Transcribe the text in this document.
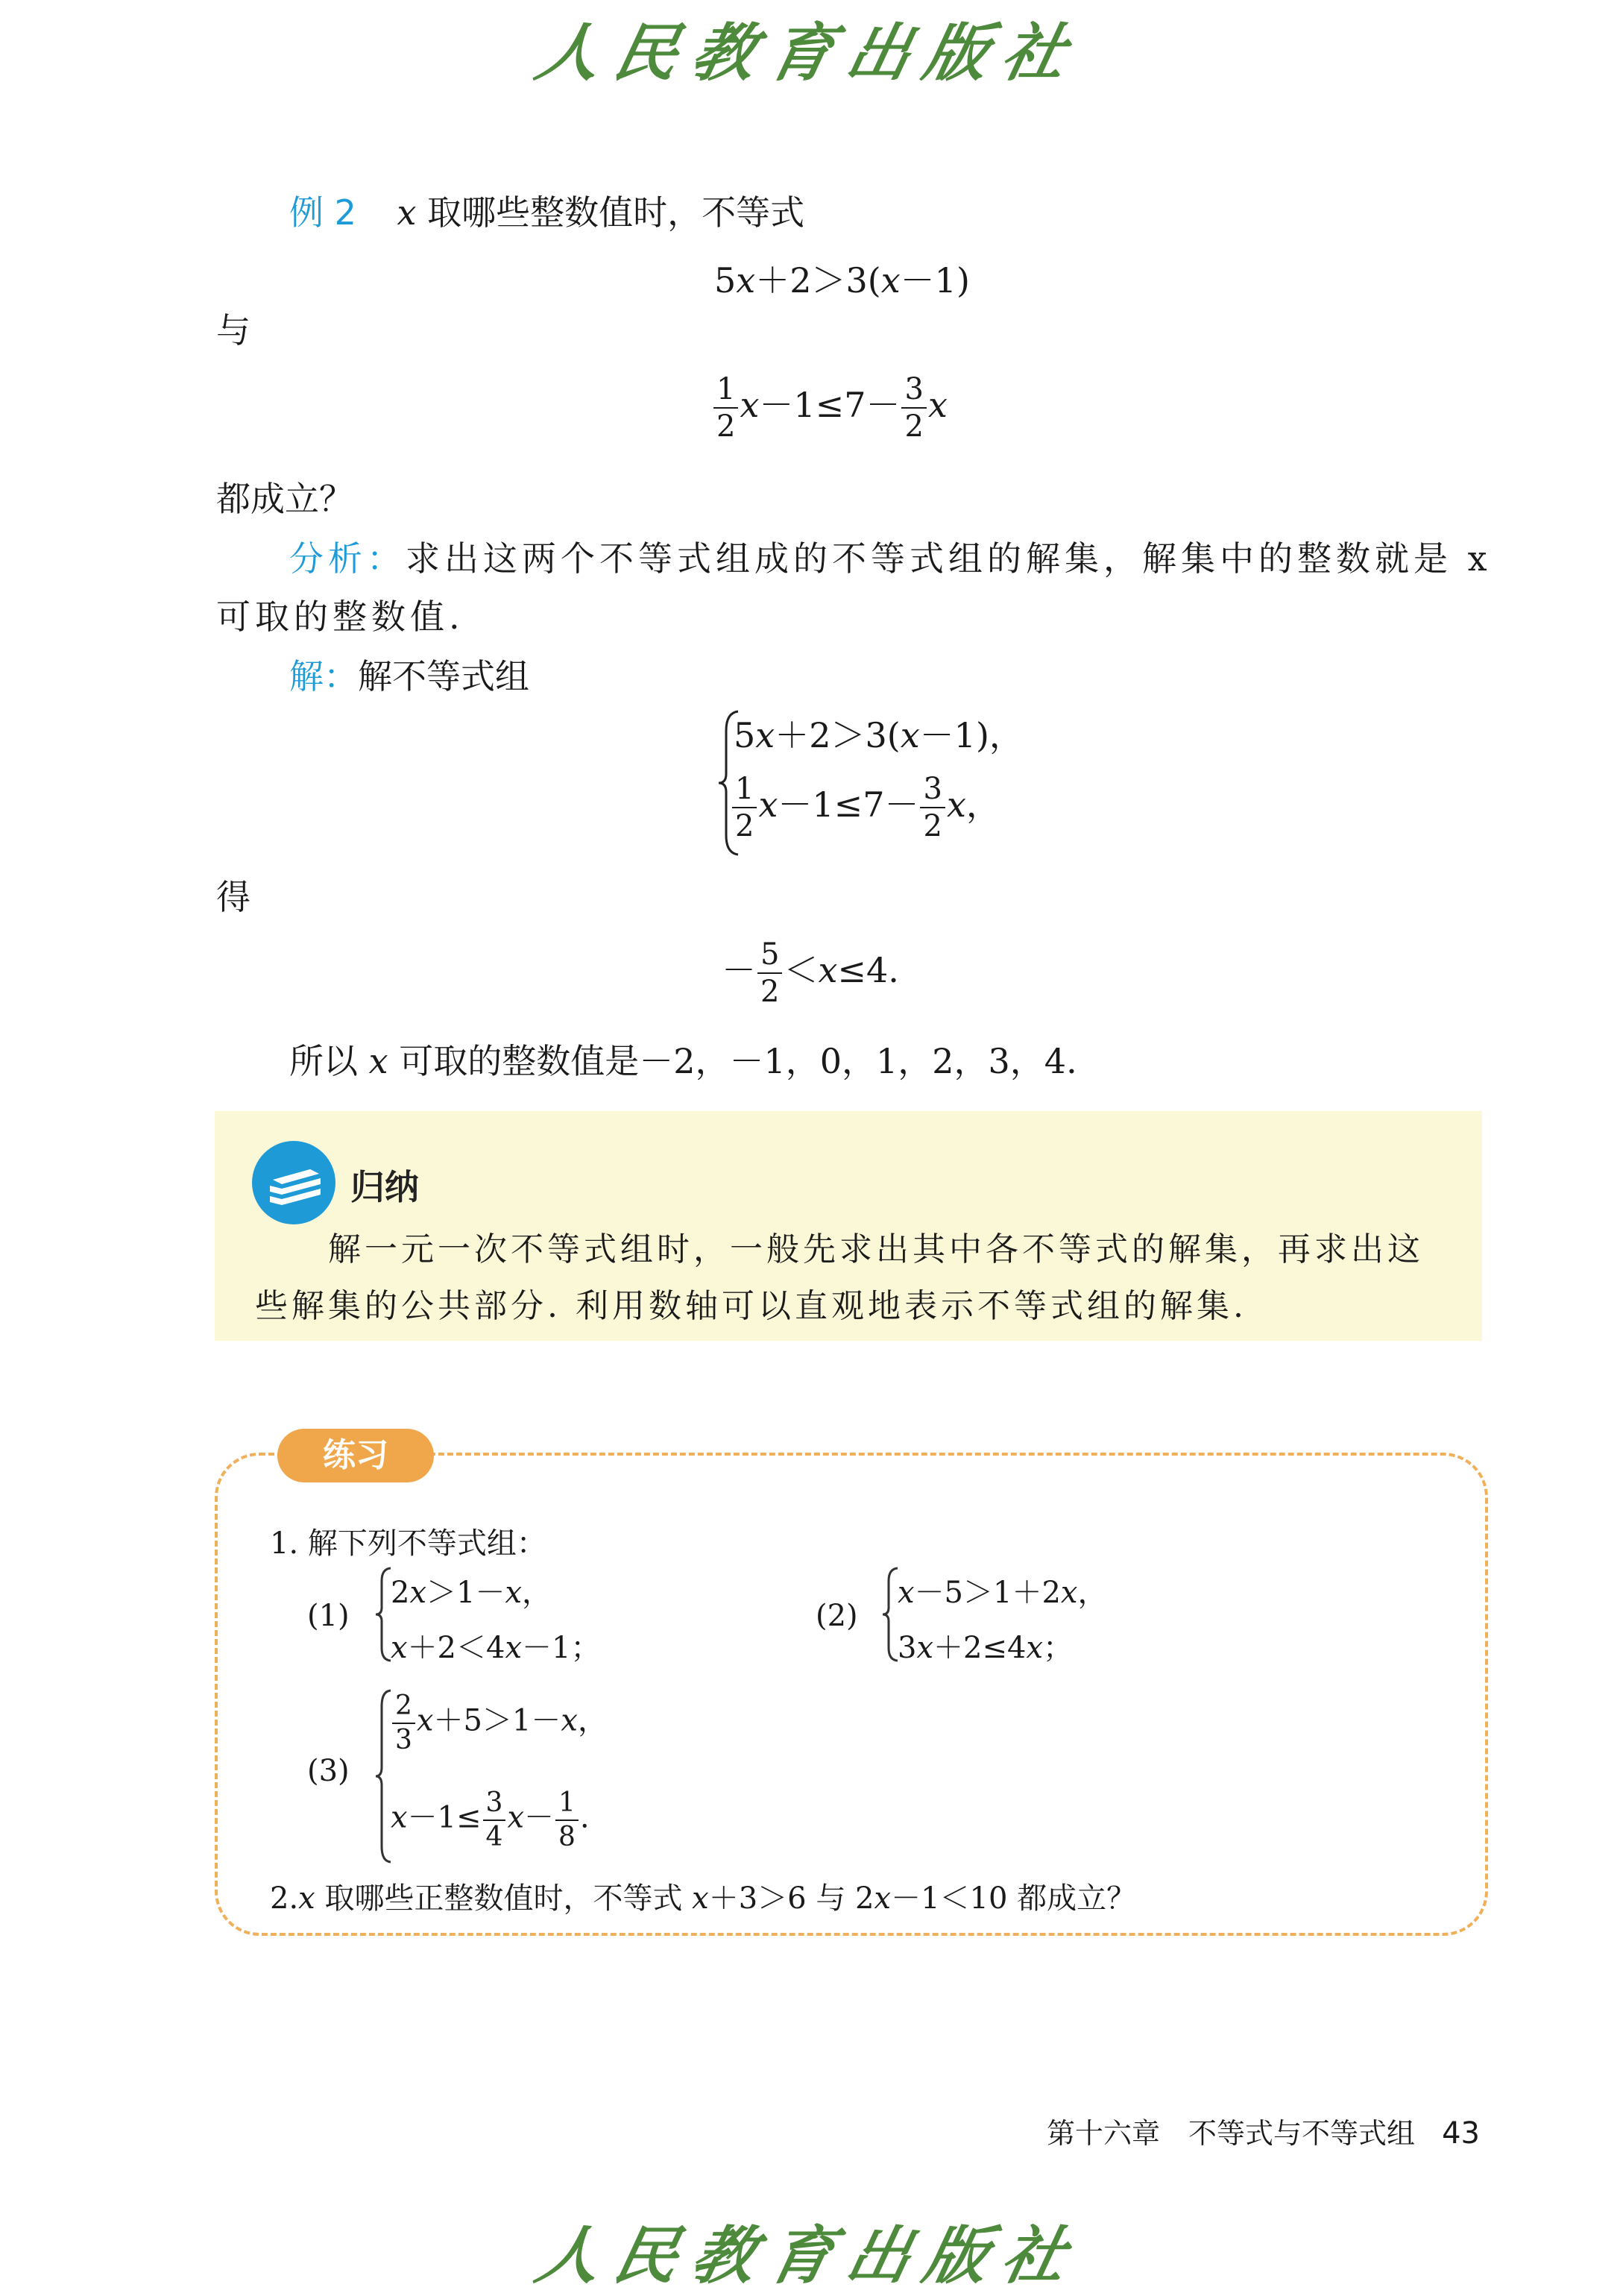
人民教育出版社
例 2 x 取哪些整数值时，不等式
5x＋2＞3(x－1)
与
$\frac{1}{2} x-1\le 7- \frac{3}{2}$ x
都成立？
分析：求出这两个不等式组成的不等式组的解集，解集中的整数就是 x
可取的整数值.
解：解不等式组
5x＋2＞3(x－1)，
$\frac{1}{2} x-1\le 7- \frac{3}{2}$ x，
得
－ $\frac{5}{2} <x\le 4$.
所以 x 可取的整数值是－2，－1，0，1，2，3，4.
归纳
解一元一次不等式组时，一般先求出其中各不等式的解集，再求出这
些解集的公共部分. 利用数轴可以直观地表示不等式组的解集.
练习
1. 解下列不等式组：
(1)
2x＞1－x，
x＋2＜4x－1；
(2)
x－5＞1＋2x，
3x＋2≤4x；
(3)
$\frac{2}{3} x+5>1-x$，
$x-1\le \frac{3}{4} x- \frac{1}{8}$ .
2.x 取哪些正整数值时，不等式 x＋3＞6 与 2x－1＜10 都成立？
第十六章　不等式与不等式组 43
人民教育出版社
